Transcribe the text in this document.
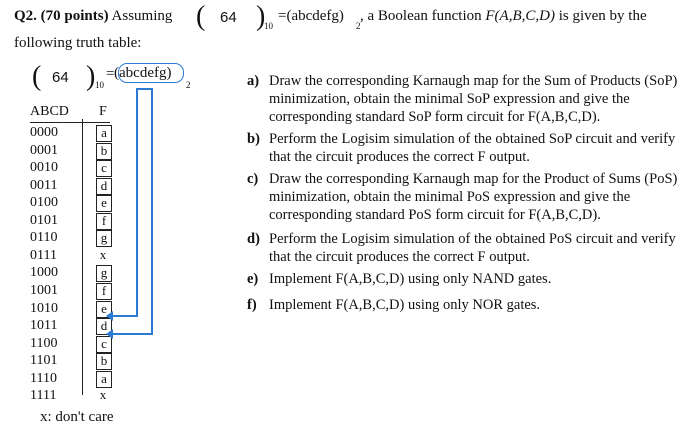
Q2. (70 points) Assuming ( 64 )
10
=(abcdefg)
2
, a Boolean function F(A,B,C,D) is given by the
following truth table:
( 64 ) 10
= (abcdefg)
2
ABCD F
0000	a
0001	b
0010	c
0011	d
0100	e
0101	f
0110	g
0111	x
1000	g
1001	f
1010	e
1011	d
1100	c
1101	b
1110	a
1111	x
x: don't care
a) Draw the corresponding Karnaugh map for the Sum of Products (SoP) minimization, obtain the minimal SoP expression and give the corresponding standard SoP form circuit for F(A,B,C,D).
b) Perform the Logisim simulation of the obtained SoP circuit and verify that the circuit produces the correct F output.
c) Draw the corresponding Karnaugh map for the Product of Sums (PoS) minimization, obtain the minimal PoS expression and give the corresponding standard PoS form circuit for F(A,B,C,D).
d) Perform the Logisim simulation of the obtained PoS circuit and verify that the circuit produces the correct F output.
e) Implement F(A,B,C,D) using only NAND gates.
f) Implement F(A,B,C,D) using only NOR gates.
